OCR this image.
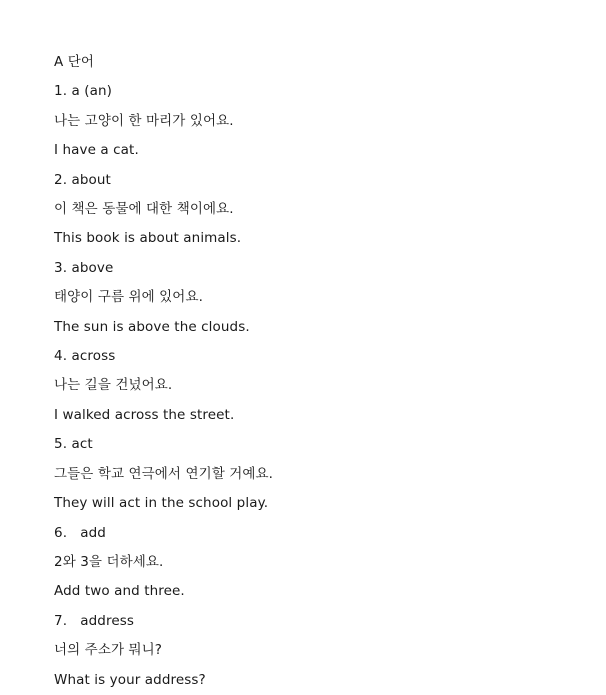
A 단어
1. a (an)
나는 고양이 한 마리가 있어요.
I have a cat.
2. about
이 책은 동물에 대한 책이에요.
This book is about animals.
3. above
태양이 구름 위에 있어요.
The sun is above the clouds.
4. across
나는 길을 건넜어요.
I walked across the street.
5. act
그들은 학교 연극에서 연기할 거예요.
They will act in the school play.
6.   add
2와 3을 더하세요.
Add two and three.
7.   address
너의 주소가 뭐니?
What is your address?
